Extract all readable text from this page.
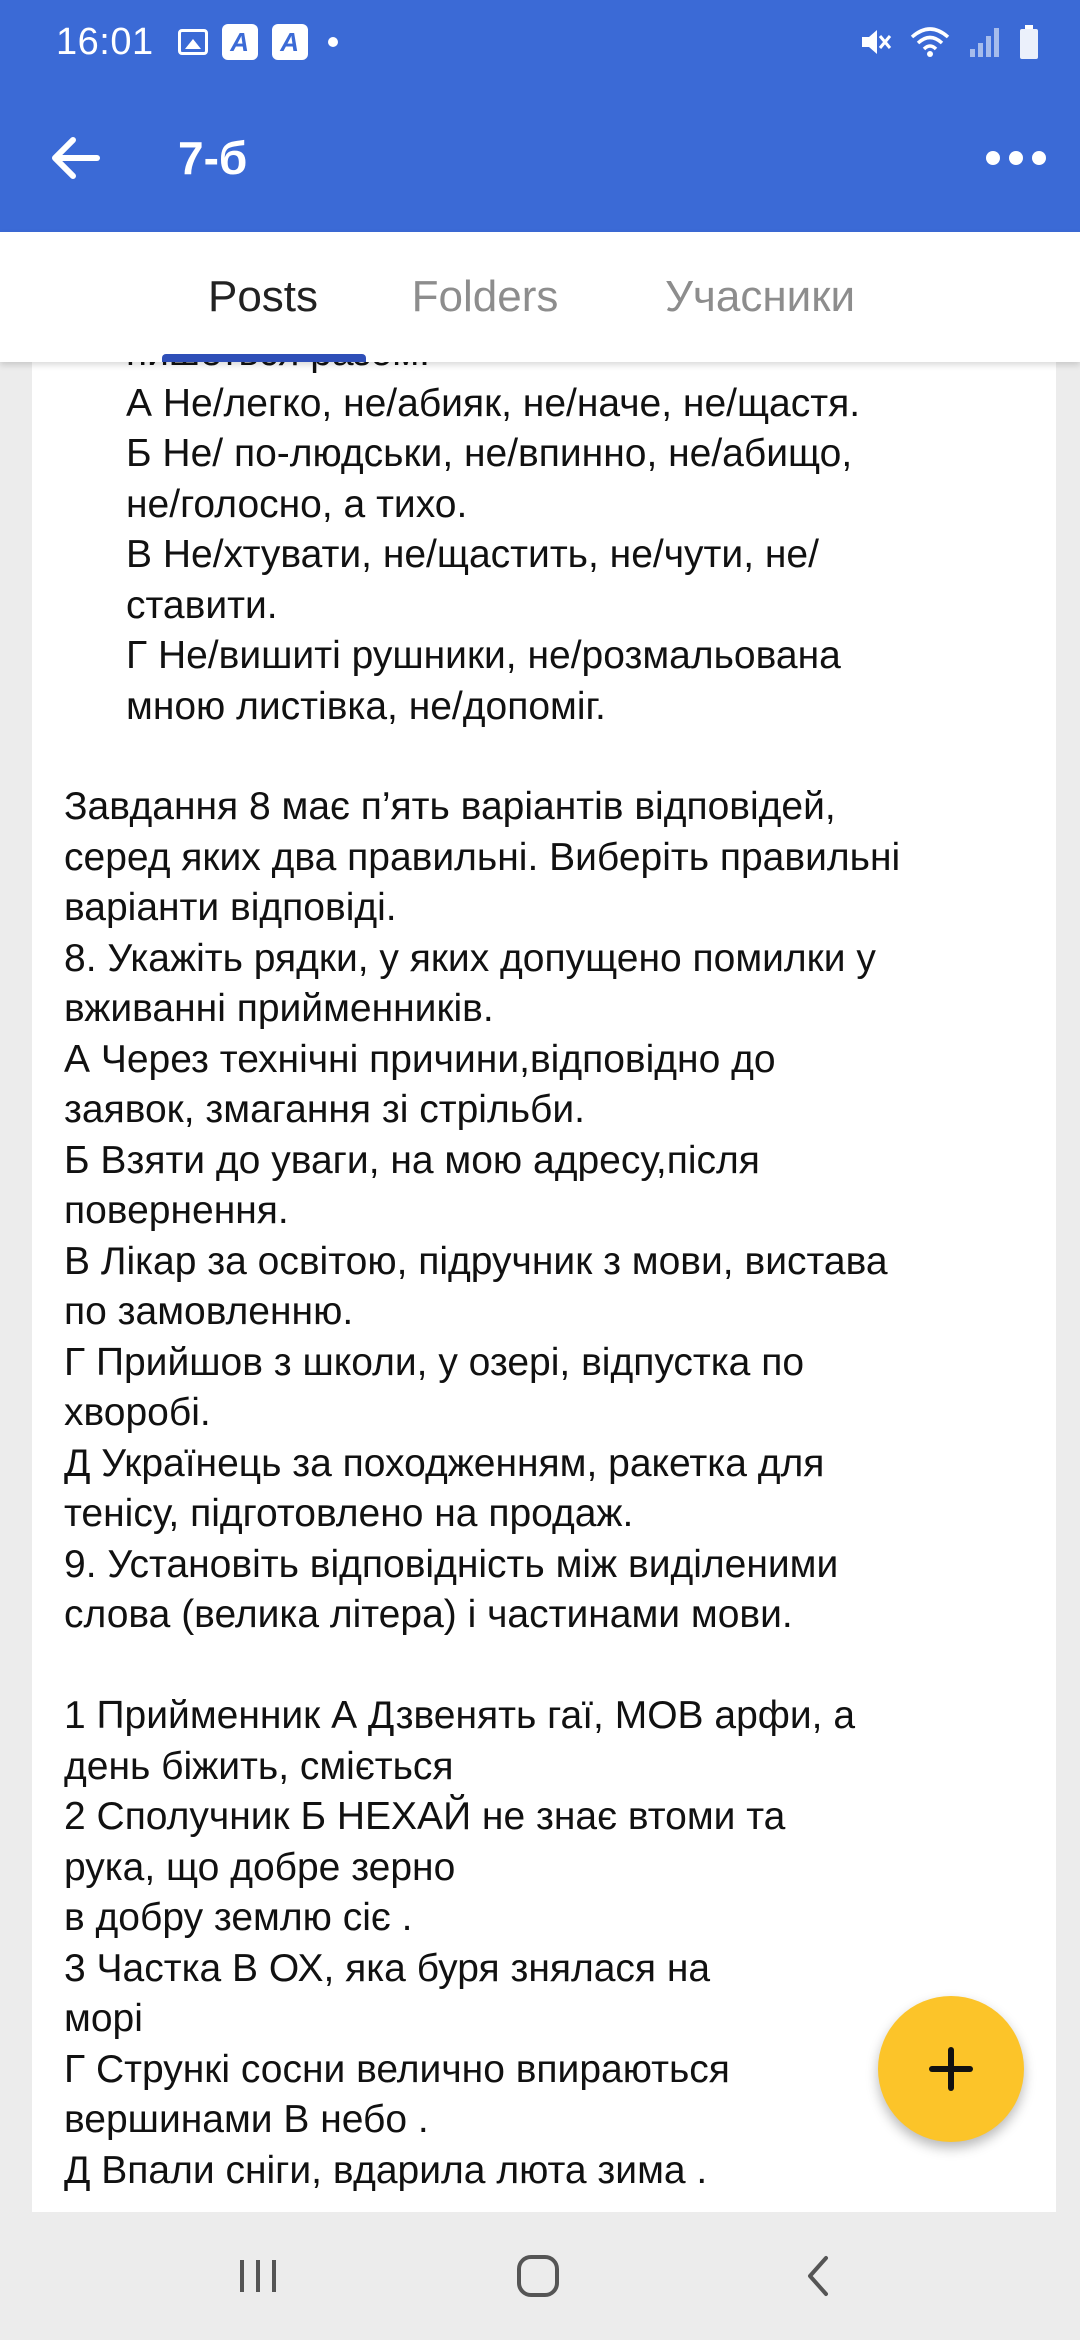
16:01	A	A
7-б
Posts	Folders	Учасники
А Не/легко, не/абияк, не/наче, не/щастя.
Б Не/ по-людськи, не/впинно, не/абищо,
не/голосно, а тихо.
В Не/хтувати, не/щастить, не/чути, не/
ставити.
Г Не/вишиті рушники, не/розмальована
мною листівка, не/допоміг.
Завдання 8 має п’ять варіантів відповідей,
серед яких два правильні. Виберіть правильні
варіанти відповіді.
8. Укажіть рядки, у яких допущено помилки у
вживанні прийменників.
А Через технічні причини,відповідно до
заявок, змагання зі стрільби.
Б Взяти до уваги, на мою адресу,після
повернення.
В Лікар за освітою, підручник з мови, вистава
по замовленню.
Г Прийшов з школи, у озері, відпустка по
хворобі.
Д Українець за походженням, ракетка для
тенісу, підготовлено на продаж.
9. Установіть відповідність між виділеними
слова (велика літера) і частинами мови.
1 Прийменник А Дзвенять гаї, МОВ арфи, а
день біжить, сміється
2 Сполучник Б НЕХАЙ не знає втоми та
рука, що добре зерно
в добру землю сіє .
3 Частка В ОХ, яка буря знялася на
морі
Г Стрункі сосни велично впираються
вершинами В небо .
Д Впали сніги, вдарила люта зима .
